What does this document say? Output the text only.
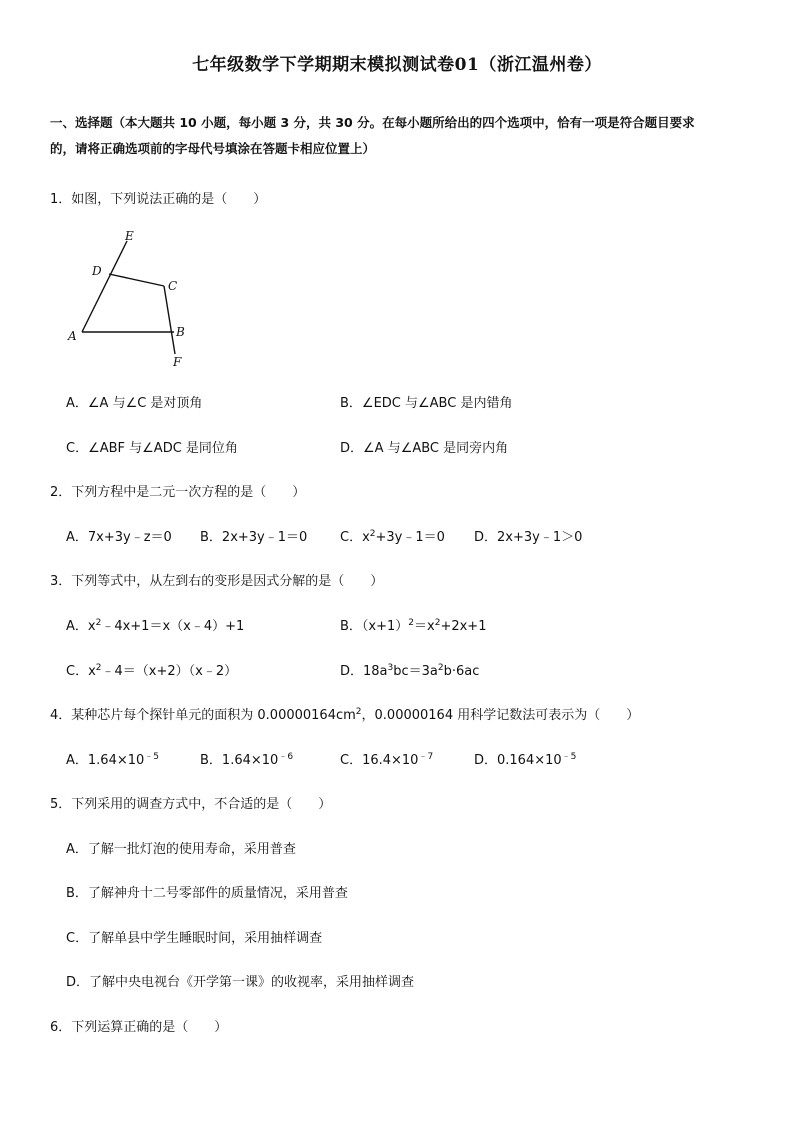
七年级数学下学期期末模拟测试卷01（浙江温州卷）
一、选择题（本大题共 10 小题，每小题 3 分，共 30 分。在每小题所给出的四个选项中，恰有一项是符合题目要求
的，请将正确选项前的字母代号填涂在答题卡相应位置上）
1．如图，下列说法正确的是（　　）
E
D
C
A	B
F
A．∠A 与∠C 是对顶角	B．∠EDC 与∠ABC 是内错角
C．∠ABF 与∠ADC 是同位角	D．∠A 与∠ABC 是同旁内角
2．下列方程中是二元一次方程的是（　　）
A．7x+3y﹣z＝0 B．2x+3y﹣1＝0	C．$x^2+3y﹣1=0$ D．2x+3y﹣1＞0
3．下列等式中，从左到右的变形是因式分解的是（　　）
A．$x^2﹣4x+1=x(x﹣4)+1$	B．$(x+1)^2=x^2+2x+1$
C．$x^2﹣4=(x+2)(x﹣2)$	D．$18a^3bc=3a^2b\cdot 6ac$
4．某种芯片每个探针单元的面积为 $0.00000164cm^2$，0.00000164 用科学记数法可表示为（　　）
A．$1.64\times 10^{﹣5}$	B．$1.64\times 10^{﹣6}$	C．$16.4\times 10^{﹣7}$	D．$0.164\times 10^{﹣5}$
5．下列采用的调查方式中，不合适的是（　　）
A．了解一批灯泡的使用寿命，采用普查
B．了解神舟十二号零部件的质量情况，采用普查
C．了解单县中学生睡眠时间，采用抽样调查
D．了解中央电视台《开学第一课》的收视率，采用抽样调查
6．下列运算正确的是（　　）
